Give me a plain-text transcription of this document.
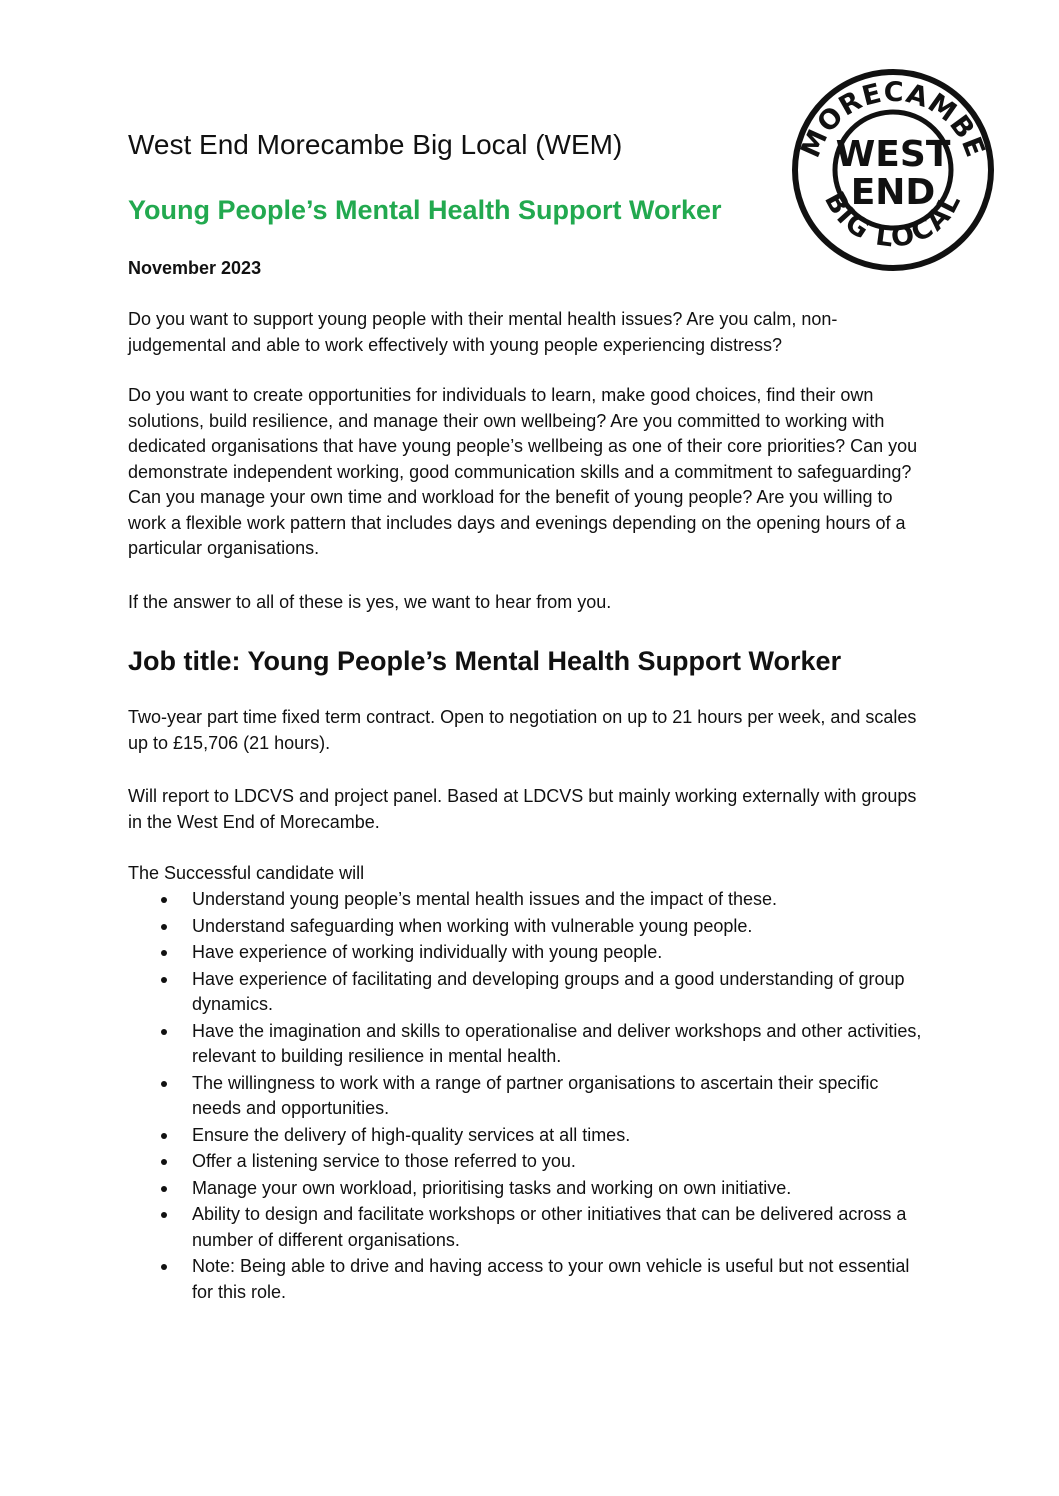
West End Morecambe Big Local (WEM)
Young People’s Mental Health Support Worker

November 2023

MORECAMBE
BIG LOCAL
WEST
END

Do you want to support young people with their mental health issues? Are you calm, non-judgemental and able to work effectively with young people experiencing distress?

Do you want to create opportunities for individuals to learn, make good choices, find their own solutions, build resilience, and manage their own wellbeing? Are you committed to working with dedicated organisations that have young people’s wellbeing as one of their core priorities? Can you demonstrate independent working, good communication skills and a commitment to safeguarding? Can you manage your own time and workload for the benefit of young people? Are you willing to work a flexible work pattern that includes days and evenings depending on the opening hours of a particular organisations.

If the answer to all of these is yes, we want to hear from you.

Job title: Young People’s Mental Health Support Worker

Two-year part time fixed term contract. Open to negotiation on up to 21 hours per week, and scales up to £15,706 (21 hours).

Will report to LDCVS and project panel. Based at LDCVS but mainly working externally with groups in the West End of Morecambe.

The Successful candidate will

Understand young people’s mental health issues and the impact of these.
Understand safeguarding when working with vulnerable young people.
Have experience of working individually with young people.
Have experience of facilitating and developing groups and a good understanding of group dynamics.
Have the imagination and skills to operationalise and deliver workshops and other activities, relevant to building resilience in mental health.
The willingness to work with a range of partner organisations to ascertain their specific needs and opportunities.
Ensure the delivery of high-quality services at all times.
Offer a listening service to those referred to you.
Manage your own workload, prioritising tasks and working on own initiative.
Ability to design and facilitate workshops or other initiatives that can be delivered across a number of different organisations.
Note: Being able to drive and having access to your own vehicle is useful but not essential for this role.
